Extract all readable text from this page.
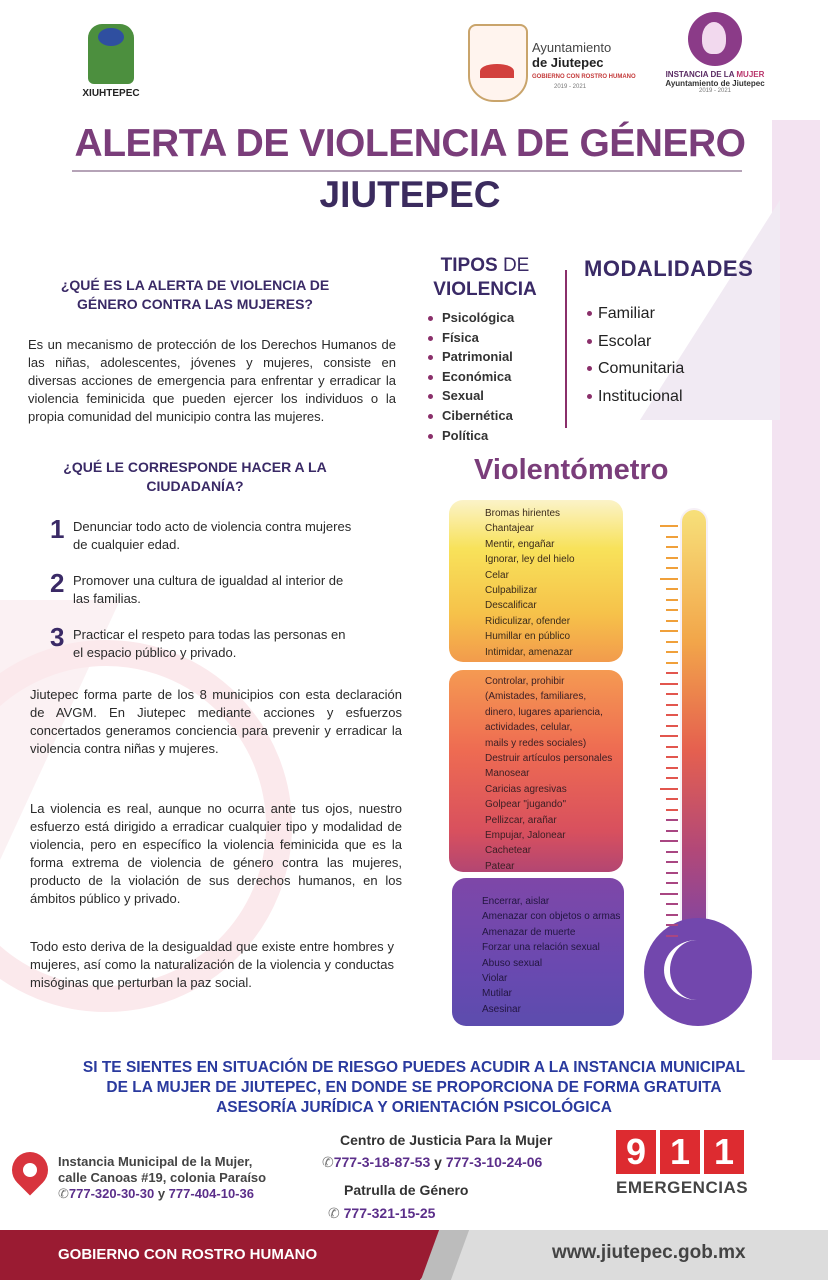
XIUHTEPEC
Ayuntamiento
de Jiutepec
GOBIERNO CON ROSTRO HUMANO
2019 - 2021
INSTANCIA DE LA MUJER
Ayuntamiento de Jiutepec
2019 - 2021
ALERTA DE VIOLENCIA DE GÉNERO
JIUTEPEC
¿QUÉ ES LA ALERTA DE VIOLENCIA DE GÉNERO CONTRA LAS MUJERES?
Es un mecanismo de protección de los Derechos Humanos de las niñas, adolescentes, jóvenes y mujeres, consiste en diversas acciones de emergencia para enfrentar y erradicar la violencia feminicida que pueden ejercer los individuos o la propia comunidad del municipio contra las mujeres.
¿QUÉ LE CORRESPONDE HACER A LA CIUDADANÍA?
1 Denunciar todo acto de violencia contra mujeres de cualquier edad.
2 Promover una cultura de igualdad al interior de las familias.
3 Practicar el respeto para todas las personas en el espacio público y privado.
Jiutepec forma parte de los 8 municipios con esta declaración de AVGM. En Jiutepec mediante acciones y esfuerzos concertados generamos conciencia para prevenir y erradicar la violencia contra niñas y mujeres.
La violencia es real, aunque no ocurra ante tus ojos, nuestro esfuerzo está dirigido a erradicar cualquier tipo y modalidad de violencia, pero en específico la violencia feminicida que es la forma extrema de violencia de género contra las mujeres, producto de la violación de sus derechos humanos, en los ámbitos público y privado.
Todo esto deriva de la desigualdad que existe entre hombres y mujeres, así como la naturalización de la violencia y conductas misóginas que perturban la paz social.
TIPOS DE
VIOLENCIA
Psicológica
Física
Patrimonial
Económica
Sexual
Cibernética
Política
MODALIDADES
Familiar
Escolar
Comunitaria
Institucional
Violentómetro

Bromas hirientes

Chantajear

Mentir, engañar

Ignorar, ley del hielo

Celar

Culpabilizar

Descalificar

Ridiculizar, ofender

Humillar en público

Intimidar, amenazar

Controlar, prohibir

(Amistades, familiares,

dinero, lugares apariencia,

actividades, celular,

mails y redes sociales)

Destruir artículos personales

Manosear

Caricias agresivas

Golpear "jugando"

Pellizcar, arañar

Empujar, Jalonear

Cachetear

Patear

Encerrar, aislar

Amenazar con objetos o armas

Amenazar de muerte

Forzar una relación sexual

Abuso sexual

Violar

Mutilar

Asesinar

SI TE SIENTES EN SITUACIÓN DE RIESGO PUEDES ACUDIR A LA INSTANCIA MUNICIPAL
DE LA MUJER DE JIUTEPEC, EN DONDE SE PROPORCIONA DE FORMA GRATUITA
ASESORÍA JURÍDICA Y ORIENTACIÓN PSICOLÓGICA
Instancia Municipal de la Mujer,
calle Canoas #19, colonia Paraíso
✆777-320-30-30 y 777-404-10-36
Centro de Justicia Para la Mujer
✆777-3-18-87-53 y 777-3-10-24-06
Patrulla de Género
✆ 777-321-15-25
9 1 1
EMERGENCIAS
GOBIERNO CON ROSTRO HUMANO	www.jiutepec.gob.mx
